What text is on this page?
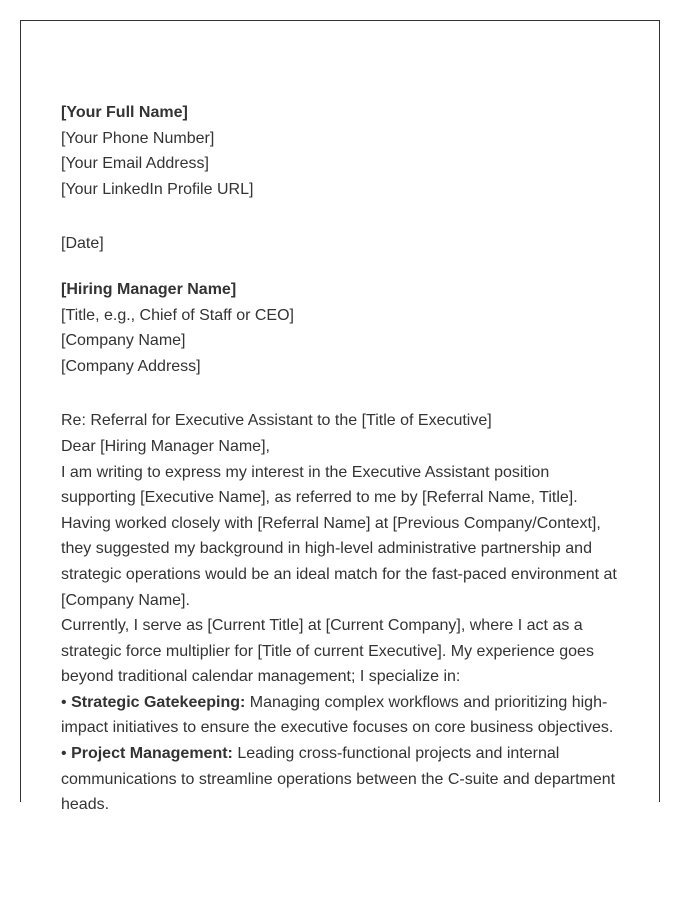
[Your Full Name]
[Your Phone Number]
[Your Email Address]
[Your LinkedIn Profile URL]
[Date]
[Hiring Manager Name]
[Title, e.g., Chief of Staff or CEO]
[Company Name]
[Company Address]
Re: Referral for Executive Assistant to the [Title of Executive]
Dear [Hiring Manager Name],
I am writing to express my interest in the Executive Assistant position supporting [Executive Name], as referred to me by [Referral Name, Title]. Having worked closely with [Referral Name] at [Previous Company/Context], they suggested my background in high-level administrative partnership and strategic operations would be an ideal match for the fast-paced environment at [Company Name].
Currently, I serve as [Current Title] at [Current Company], where I act as a strategic force multiplier for [Title of current Executive]. My experience goes beyond traditional calendar management; I specialize in:
• Strategic Gatekeeping: Managing complex workflows and prioritizing high-impact initiatives to ensure the executive focuses on core business objectives.
• Project Management: Leading cross-functional projects and internal communications to streamline operations between the C-suite and department heads.
